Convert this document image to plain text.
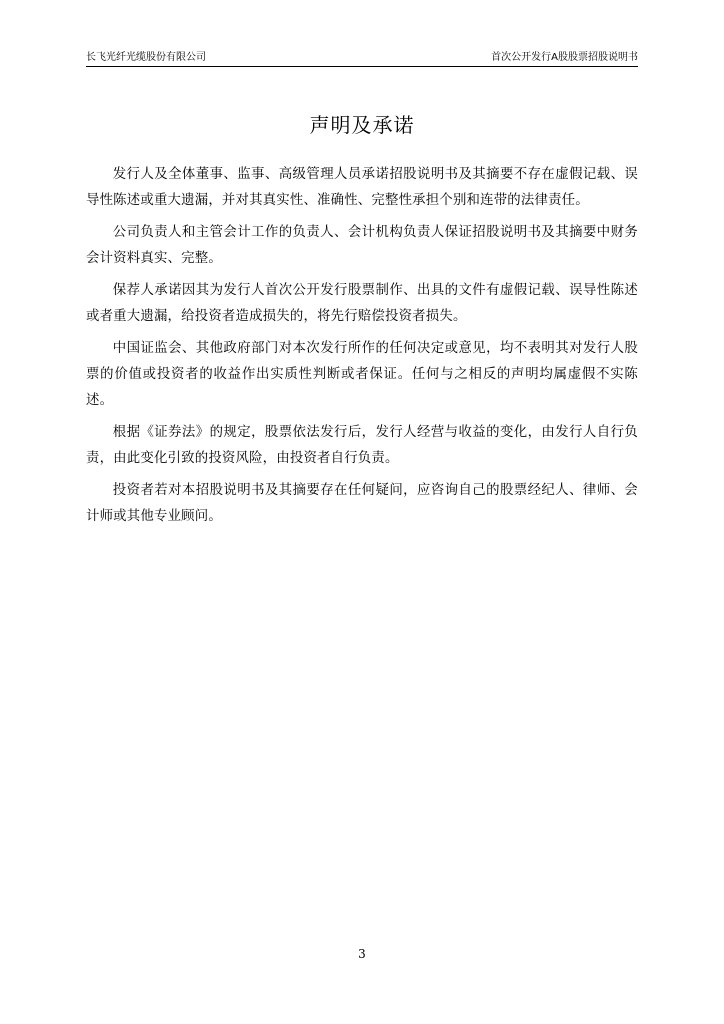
长飞光纤光缆股份有限公司	首次公开发行A股股票招股说明书
声明及承诺

发行人及全体董事、监事、高级管理人员承诺招股说明书及其摘要不存在虚假记载、误导性陈述或重大遗漏，并对其真实性、准确性、完整性承担个别和连带的法律责任。

公司负责人和主管会计工作的负责人、会计机构负责人保证招股说明书及其摘要中财务会计资料真实、完整。

保荐人承诺因其为发行人首次公开发行股票制作、出具的文件有虚假记载、误导性陈述或者重大遗漏，给投资者造成损失的，将先行赔偿投资者损失。

中国证监会、其他政府部门对本次发行所作的任何决定或意见，均不表明其对发行人股票的价值或投资者的收益作出实质性判断或者保证。任何与之相反的声明均属虚假不实陈述。

根据《证券法》的规定，股票依法发行后，发行人经营与收益的变化，由发行人自行负责，由此变化引致的投资风险，由投资者自行负责。

投资者若对本招股说明书及其摘要存在任何疑问，应咨询自己的股票经纪人、律师、会计师或其他专业顾问。

3
